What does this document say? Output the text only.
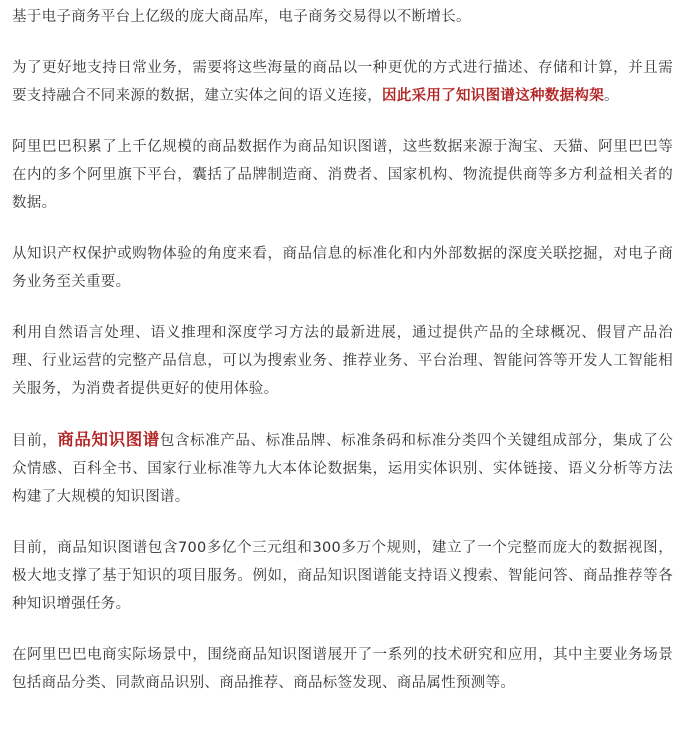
基于电子商务平台上亿级的庞大商品库，电子商务交易得以不断增长。

为了更好地支持日常业务，需要将这些海量的商品以一种更优的方式进行描述、存储和计算，并且需要支持融合不同来源的数据，建立实体之间的语义连接，因此采用了知识图谱这种数据构架。

阿里巴巴积累了上千亿规模的商品数据作为商品知识图谱，这些数据来源于淘宝、天猫、阿里巴巴等在内的多个阿里旗下平台，囊括了品牌制造商、消费者、国家机构、物流提供商等多方利益相关者的数据。

从知识产权保护或购物体验的角度来看，商品信息的标准化和内外部数据的深度关联挖掘，对电子商务业务至关重要。

利用自然语言处理、语义推理和深度学习方法的最新进展，通过提供产品的全球概况、假冒产品治理、行业运营的完整产品信息，可以为搜索业务、推荐业务、平台治理、智能问答等开发人工智能相关服务，为消费者提供更好的使用体验。

目前，商品知识图谱包含标准产品、标准品牌、标准条码和标准分类四个关键组成部分，集成了公众情感、百科全书、国家行业标准等九大本体论数据集，运用实体识别、实体链接、语义分析等方法构建了大规模的知识图谱。

目前，商品知识图谱包含700多亿个三元组和300多万个规则，建立了一个完整而庞大的数据视图，极大地支撑了基于知识的项目服务。例如，商品知识图谱能支持语义搜索、智能问答、商品推荐等各种知识增强任务。

在阿里巴巴电商实际场景中，围绕商品知识图谱展开了一系列的技术研究和应用，其中主要业务场景包括商品分类、同款商品识别、商品推荐、商品标签发现、商品属性预测等。
